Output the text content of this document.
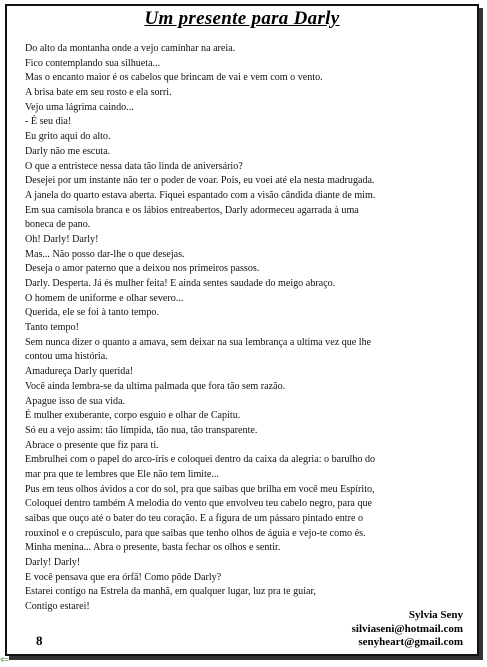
Um presente para Darly
Do alto da montanha onde a vejo caminhar na areia.
Fico contemplando sua silhueta...
Mas o encanto maior é os cabelos que brincam de vai e vem com o vento.
A brisa bate em seu rosto e ela sorri.
Vejo uma lágrima caindo...
- É seu dia!
Eu grito aqui do alto.
Darly não me escuta.
O que a entristece nessa data tão linda de aniversário?
Desejei por um instante não ter o poder de voar. Pois, eu voei até ela nesta madrugada.
A janela do quarto estava aberta. Fiquei espantado com a visão cândida diante de mim.
Em sua camisola branca e os lábios entreabertos, Darly adormeceu agarrada à uma
boneca de pano.
Oh! Darly! Darly!
Mas... Não posso dar-lhe o que desejas.
Deseja o amor paterno que a deixou nos primeiros passos.
Darly. Desperta. Já és mulher feita! E ainda sentes saudade do meigo abraço.
O homem de uniforme e olhar severo...
Querida, ele se foi à tanto tempo.
Tanto tempo!
Sem nunca dizer o quanto a amava, sem deixar na sua lembrança a ultima vez que lhe
contou uma história.
Amadureça Darly querida!
Você ainda lembra-se da ultima palmada que fora tão sem razão.
Apague isso de sua vida.
É mulher exuberante, corpo esguio e olhar de Capitu.
Só eu a vejo assim: tão límpida, tão nua, tão transparente.
Abrace o presente que fiz para ti.
Embrulhei com o papel do arco-íris e coloquei dentro da caixa da alegria: o barulho do
mar pra que te lembres que Ele não tem limite...
Pus em teus olhos ávidos a cor do sol, pra que saibas que brilha em você meu Espírito,
Coloquei dentro também A melodia do vento que envolveu teu cabelo negro, para que
saibas que ouço até o bater do teu coração. E a figura de um pássaro pintado entre o
rouxinol e o crepúsculo, para que saibas que tenho olhos de águia e vejo-te como és.
Minha menina... Abra o presente, basta fechar os olhos e sentir.
Darly! Darly!
E você pensava que era órfã! Como pôde Darly?
Estarei contigo na Estrela da manhã, em qualquer lugar, luz pra te guiar,
Contigo estarei!
Sylvia Seny
silviaseni@hotmail.com
senyheart@gmail.com
8
⇐
